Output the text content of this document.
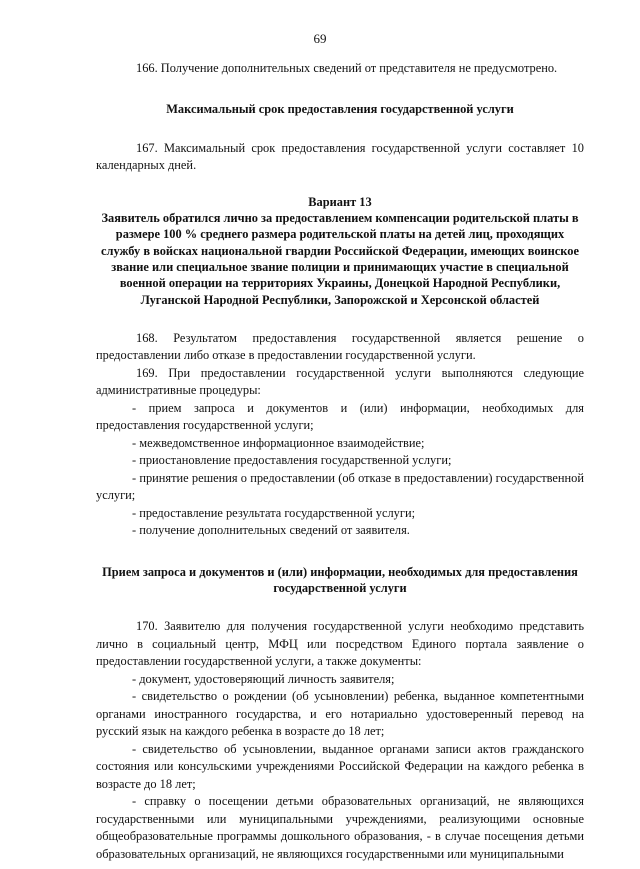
69

166. Получение дополнительных сведений от представителя не предусмотрено.

Максимальный срок предоставления государственной услуги

167. Максимальный срок предоставления государственной услуги составляет 10 календарных дней.

Вариант 13

Заявитель обратился лично за предоставлением компенсации родительской платы в размере 100 % среднего размера родительской платы на детей лиц, проходящих службу в войсках национальной гвардии Российской Федерации, имеющих воинское звание или специальное звание полиции и принимающих участие в специальной военной операции на территориях Украины, Донецкой Народной Республики, Луганской Народной Республики, Запорожской и Херсонской областей

168. Результатом предоставления государственной является решение о предоставлении либо отказе в предоставлении государственной услуги.

169. При предоставлении государственной услуги выполняются следующие административные процедуры:

- прием запроса и документов и (или) информации, необходимых для предоставления государственной услуги;

- межведомственное информационное взаимодействие;

- приостановление предоставления государственной услуги;

- принятие решения о предоставлении (об отказе в предоставлении) государственной услуги;

- предоставление результата государственной услуги;

- получение дополнительных сведений от заявителя.

Прием запроса и документов и (или) информации, необходимых для предоставления государственной услуги

170. Заявителю для получения государственной услуги необходимо представить лично в социальный центр, МФЦ или посредством Единого портала заявление о предоставлении государственной услуги, а также документы:

- документ, удостоверяющий личность заявителя;

- свидетельство о рождении (об усыновлении) ребенка, выданное компетентными органами иностранного государства, и его нотариально удостоверенный перевод на русский язык на каждого ребенка в возрасте до 18 лет;

- свидетельство об усыновлении, выданное органами записи актов гражданского состояния или консульскими учреждениями Российской Федерации на каждого ребенка в возрасте до 18 лет;

- справку о посещении детьми образовательных организаций, не являющихся государственными или муниципальными учреждениями, реализующими основные общеобразовательные программы дошкольного образования, - в случае посещения детьми образовательных организаций, не являющихся государственными или муниципальными
